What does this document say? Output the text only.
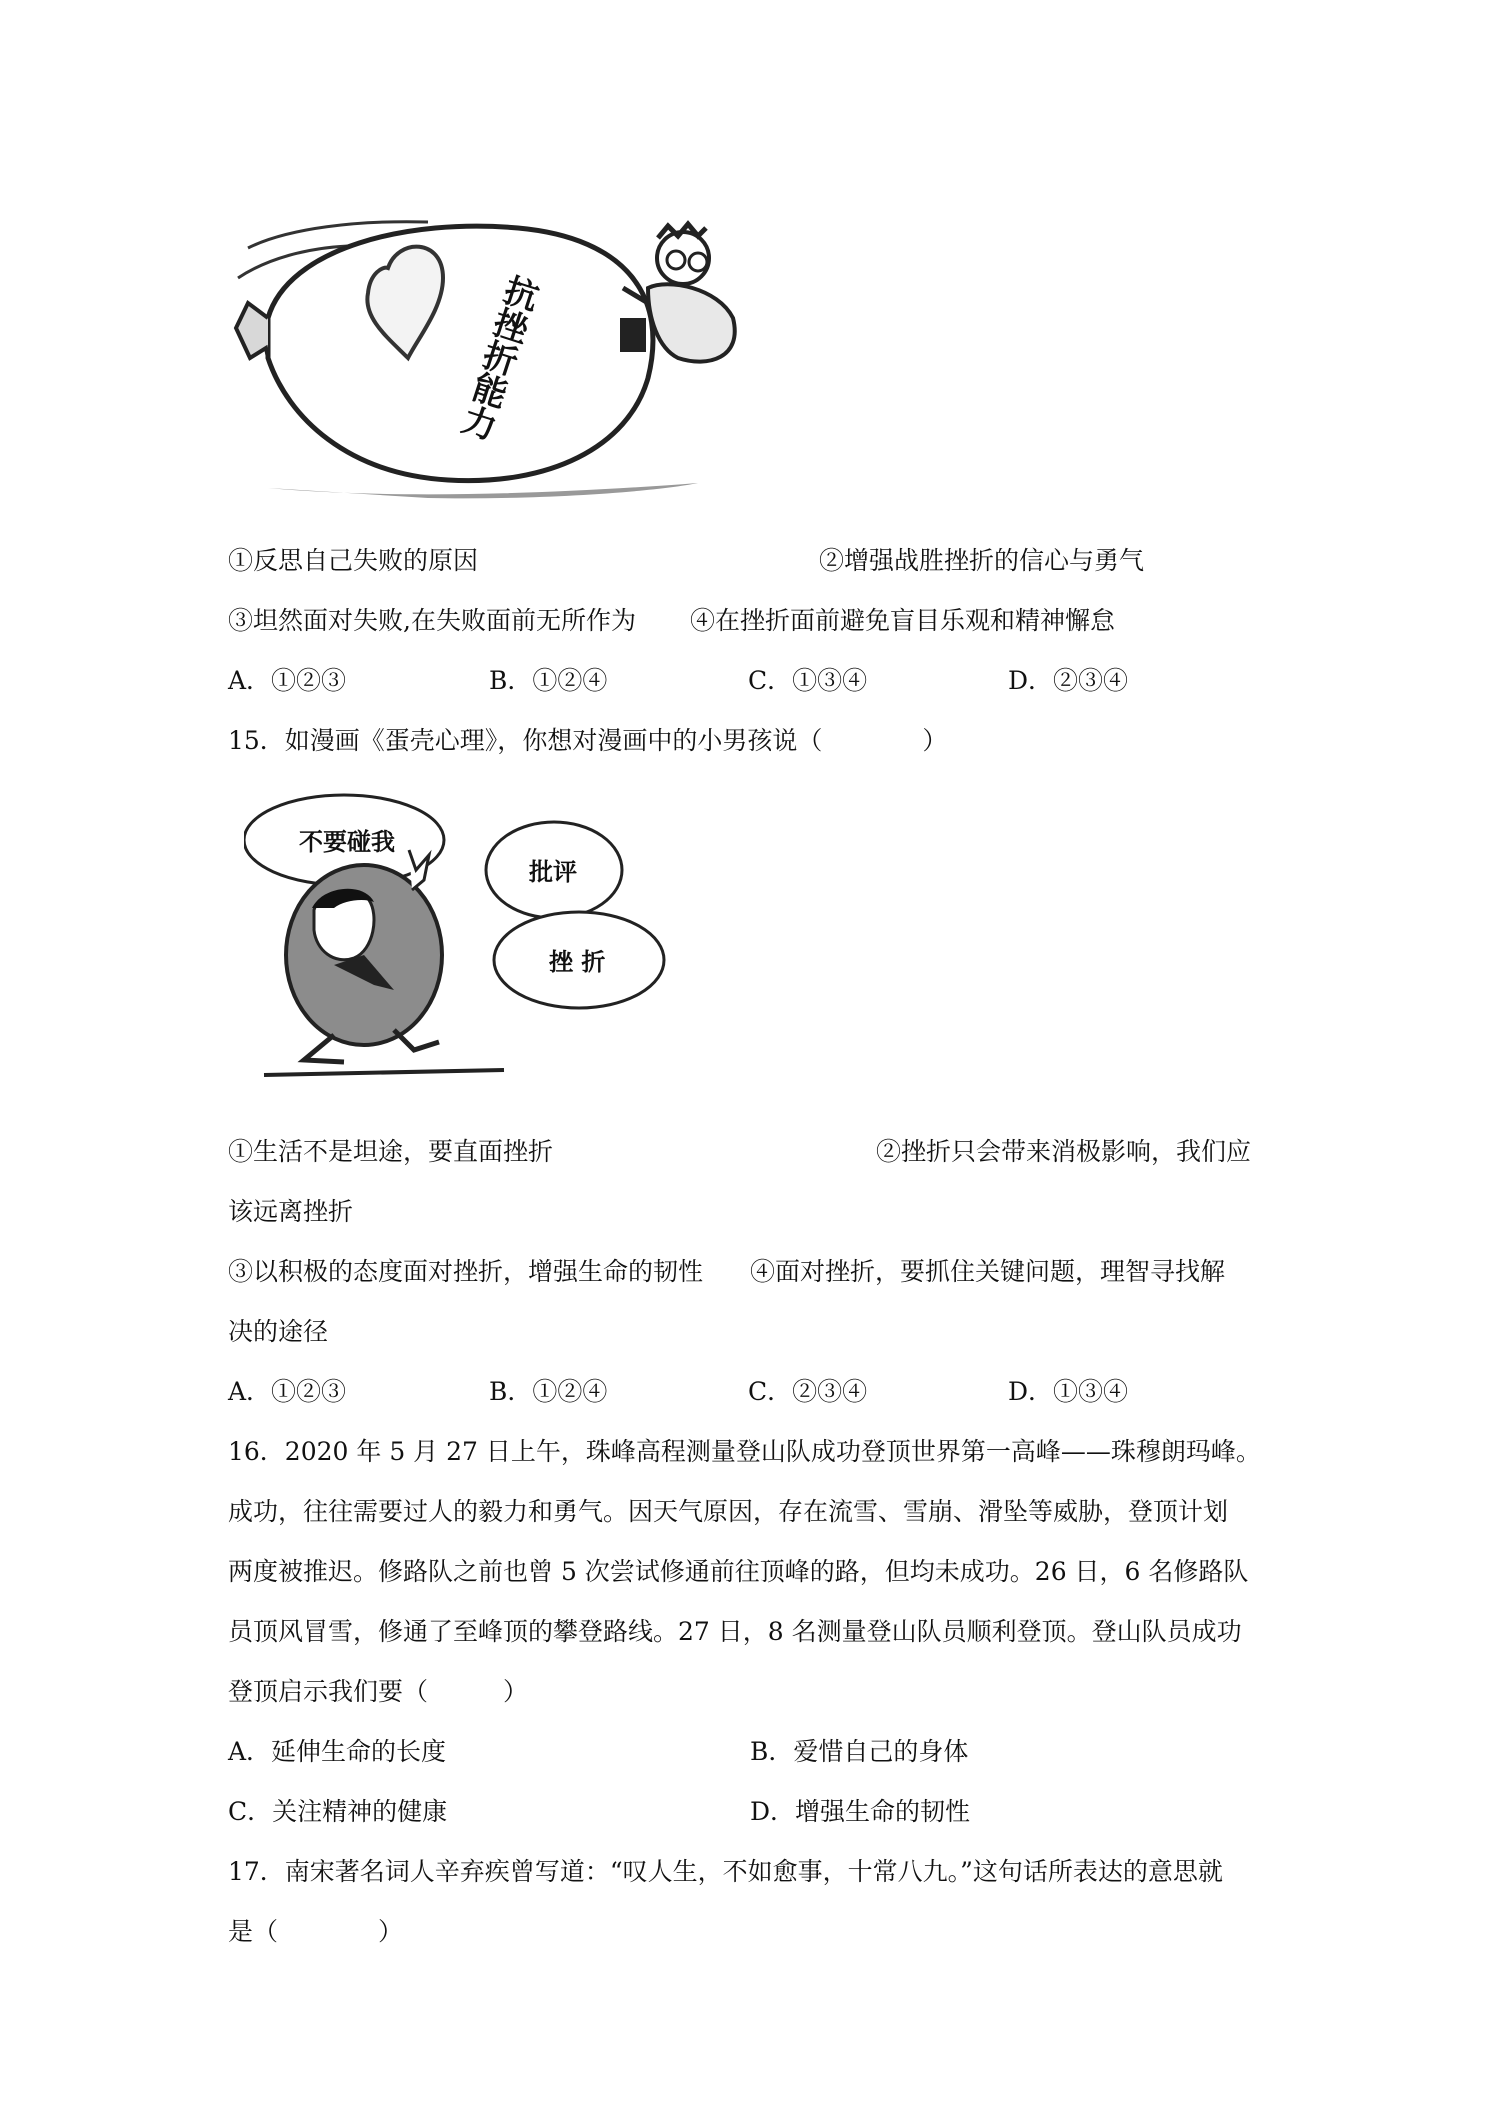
抗挫折能力
①反思自己失败的原因	②增强战胜挫折的信心与勇气
③坦然面对失败,在失败面前无所作为 ④在挫折面前避免盲目乐观和精神懈怠
A．①②③	B．①②④	C．①③④	D．②③④
15．如漫画《蛋壳心理》，你想对漫画中的小男孩说（　　　　）
不要碰我
批评
挫 折
①生活不是坦途，要直面挫折	②挫折只会带来消极影响，我们应
该远离挫折
③以积极的态度面对挫折，增强生命的韧性 ④面对挫折，要抓住关键问题，理智寻找解
决的途径
A．①②③	B．①②④	C．②③④	D．①③④
16．2020 年 5 月 27 日上午，珠峰高程测量登山队成功登顶世界第一高峰——珠穆朗玛峰。
成功，往往需要过人的毅力和勇气。因天气原因，存在流雪、雪崩、滑坠等威胁，登顶计划
两度被推迟。修路队之前也曾 5 次尝试修通前往顶峰的路，但均未成功。26 日，6 名修路队
员顶风冒雪，修通了至峰顶的攀登路线。27 日，8 名测量登山队员顺利登顶。登山队员成功
登顶启示我们要（　　　）
A．延伸生命的长度	B．爱惜自己的身体
C．关注精神的健康	D．增强生命的韧性
17．南宋著名词人辛弃疾曾写道：“叹人生，不如愈事，十常八九。”这句话所表达的意思就
是（　　　　）
